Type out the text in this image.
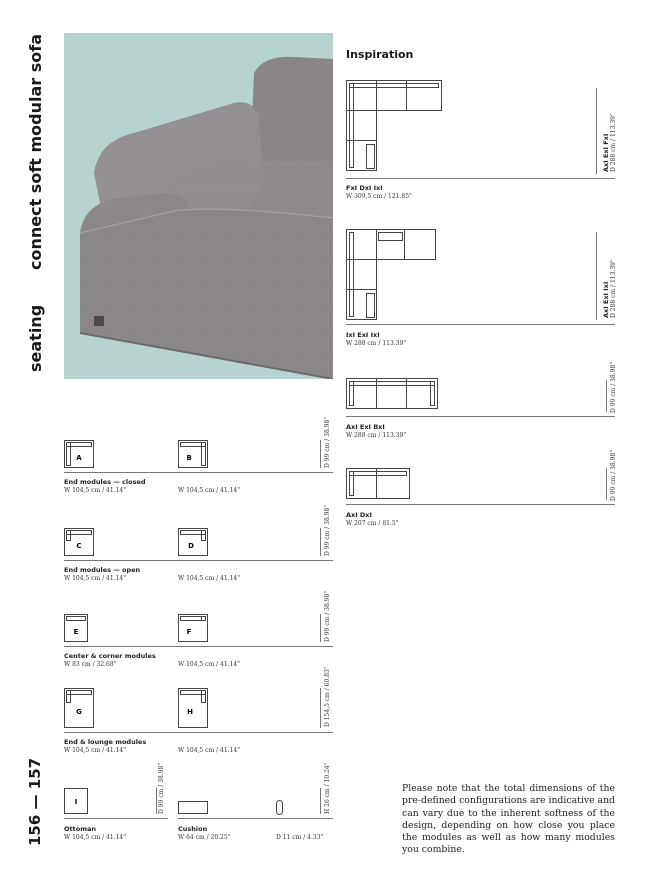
seating
connect soft modular sofa
156 — 157
Inspiration
AxI ExI FxI D 288 cm / 113.39"
FxI DxI IxI
W 309,5 cm / 121.85"
AxI ExI IxI D 288 cm / 113.39"
IxI ExI IxI
W 288 cm / 113.39"
D 99 cm / 38.98"
AxI ExI BxI
W 288 cm / 113.39"
D 99 cm / 38.98"
AxI DxI
W 207 cm / 81.5"
A	B	D 99 cm / 38.98"
End modules — closed
W 104,5 cm / 41.14"	W 104,5 cm / 41.14"
C	D	D 99 cm / 38.98"
End modules — open
W 104,5 cm / 41.14"	W 104,5 cm / 41.14"
E	F	D 99 cm / 38.98"
Center & corner modules
W 83 cm / 32.68"	W 104,5 cm / 41.14"
G	H	D 154,5 cm / 60.83"
End & lounge modules
W 104,5 cm / 41.14"	W 104,5 cm / 41.14"
I	D 99 cm / 38.98"
Ottoman
W 104,5 cm / 41.14"
H 26 cm / 10.24"
Cushion
W 64 cm / 20.25"	D 11 cm / 4.33"
Please note that the total dimensions of the pre-defined configurations are indicative and can vary due to the inherent softness of the design, depending on how close you place the modules as well as how many modules you combine.
